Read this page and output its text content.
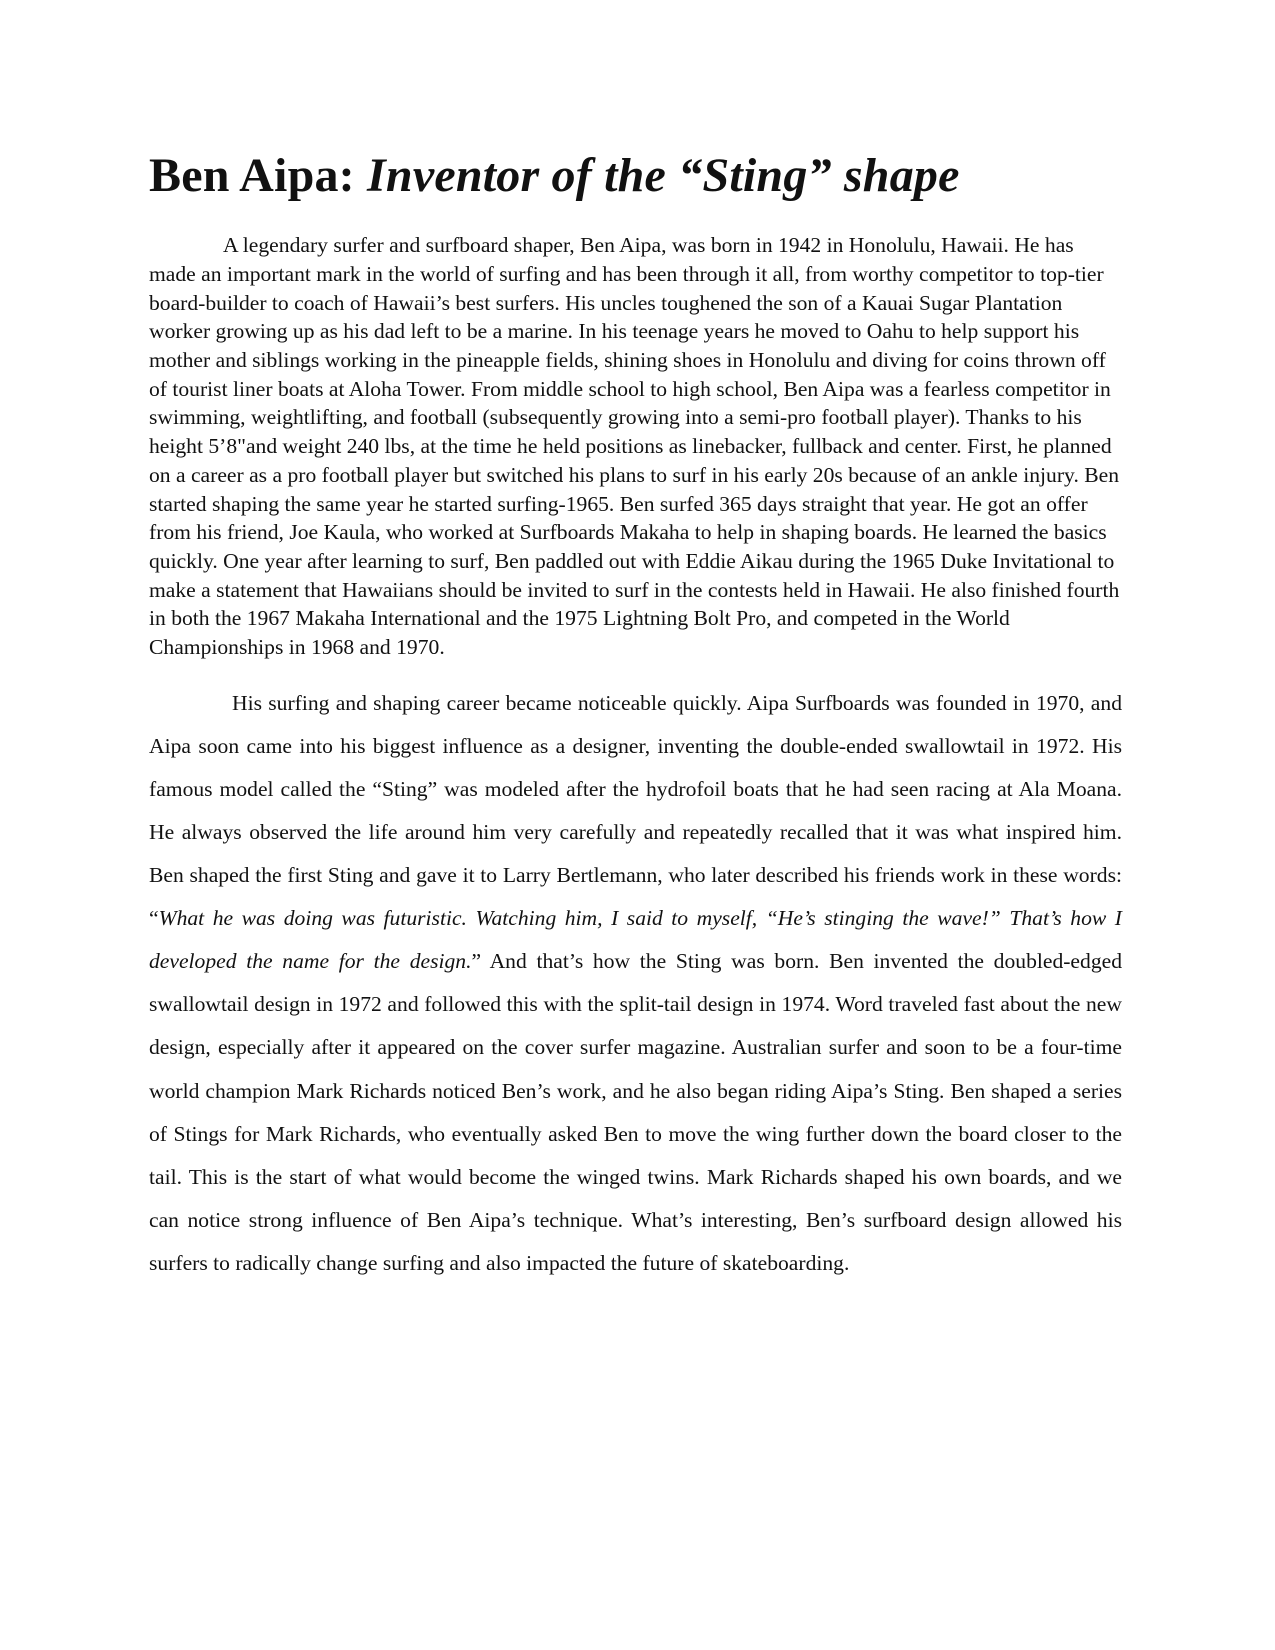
Ben Aipa: Inventor of the “Sting” shape

A legendary surfer and surfboard shaper, Ben Aipa, was born in 1942 in Honolulu, Hawaii. He has made an important mark in the world of surfing and has been through it all, from worthy competitor to top-tier board-builder to coach of Hawaii’s best surfers. His uncles toughened the son of a Kauai Sugar Plantation worker growing up as his dad left to be a marine. In his teenage years he moved to Oahu to help support his mother and siblings working in the pineapple fields, shining shoes in Honolulu and diving for coins thrown off of tourist liner boats at Aloha Tower. From middle school to high school, Ben Aipa was a fearless competitor in swimming, weightlifting, and football (subsequently growing into a semi-pro football player). Thanks to his height 5’8"and weight 240 lbs, at the time he held positions as linebacker, fullback and center. First, he planned on a career as a pro football player but switched his plans to surf in his early 20s because of an ankle injury. Ben started shaping the same year he started surfing-1965. Ben surfed 365 days straight that year. He got an offer from his friend, Joe Kaula, who worked at Surfboards Makaha to help in shaping boards. He learned the basics quickly. One year after learning to surf, Ben paddled out with Eddie Aikau during the 1965 Duke Invitational to make a statement that Hawaiians should be invited to surf in the contests held in Hawaii. He also finished fourth in both the 1967 Makaha International and the 1975 Lightning Bolt Pro, and competed in the World Championships in 1968 and 1970.

His surfing and shaping career became noticeable quickly. Aipa Surfboards was founded in 1970, and Aipa soon came into his biggest influence as a designer, inventing the double-ended swallowtail in 1972. His famous model called the “Sting” was modeled after the hydrofoil boats that he had seen racing at Ala Moana. He always observed the life around him very carefully and repeatedly recalled that it was what inspired him. Ben shaped the first Sting and gave it to Larry Bertlemann, who later described his friends work in these words: “What he was doing was futuristic. Watching him, I said to myself, “He’s stinging the wave!” That’s how I developed the name for the design.” And that’s how the Sting was born. Ben invented the doubled-edged swallowtail design in 1972 and followed this with the split-tail design in 1974. Word traveled fast about the new design, especially after it appeared on the cover surfer magazine. Australian surfer and soon to be a four-time world champion Mark Richards noticed Ben’s work, and he also began riding Aipa’s Sting. Ben shaped a series of Stings for Mark Richards, who eventually asked Ben to move the wing further down the board closer to the tail. This is the start of what would become the winged twins. Mark Richards shaped his own boards, and we can notice strong influence of Ben Aipa’s technique. What’s interesting, Ben’s surfboard design allowed his surfers to radically change surfing and also impacted the future of skateboarding.
